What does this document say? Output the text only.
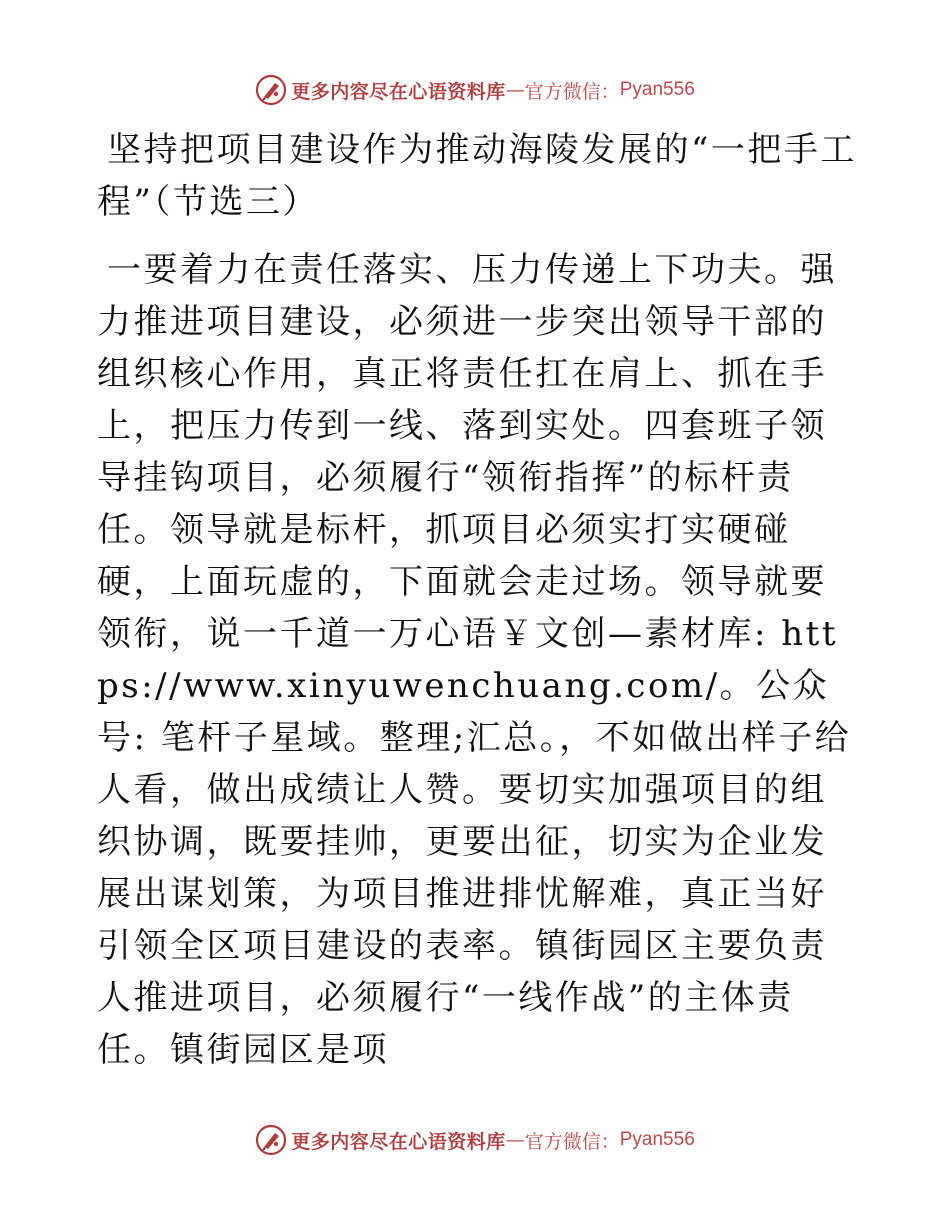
更多内容尽在心语资料库 — 官方微信： Pyan556
坚持把项目建设作为推动海陵发展的“一把手工程”（节选三）

一要着力在责任落实、压力传递上下功夫。强力推进项目建设，必须进一步突出领导干部的组织核心作用，真正将责任扛在肩上、抓在手上，把压力传到一线、落到实处。四套班子领导挂钩项目，必须履行“领衔指挥”的标杆责任。领导就是标杆，抓项目必须实打实硬碰硬，上面玩虚的，下面就会走过场。领导就要领衔，说一千道一万心语￥文创—素材库: https://www.xinyuwenchuang.com/。公众号: 笔杆子星域。整理;汇总。，不如做出样子给人看，做出成绩让人赞。要切实加强项目的组织协调，既要挂帅，更要出征，切实为企业发展出谋划策，为项目推进排忧解难，真正当好引领全区项目建设的表率。镇街园区主要负责人推进项目，必须履行“一线作战”的主体责任。镇街园区是项

更多内容尽在心语资料库 — 官方微信： Pyan556
